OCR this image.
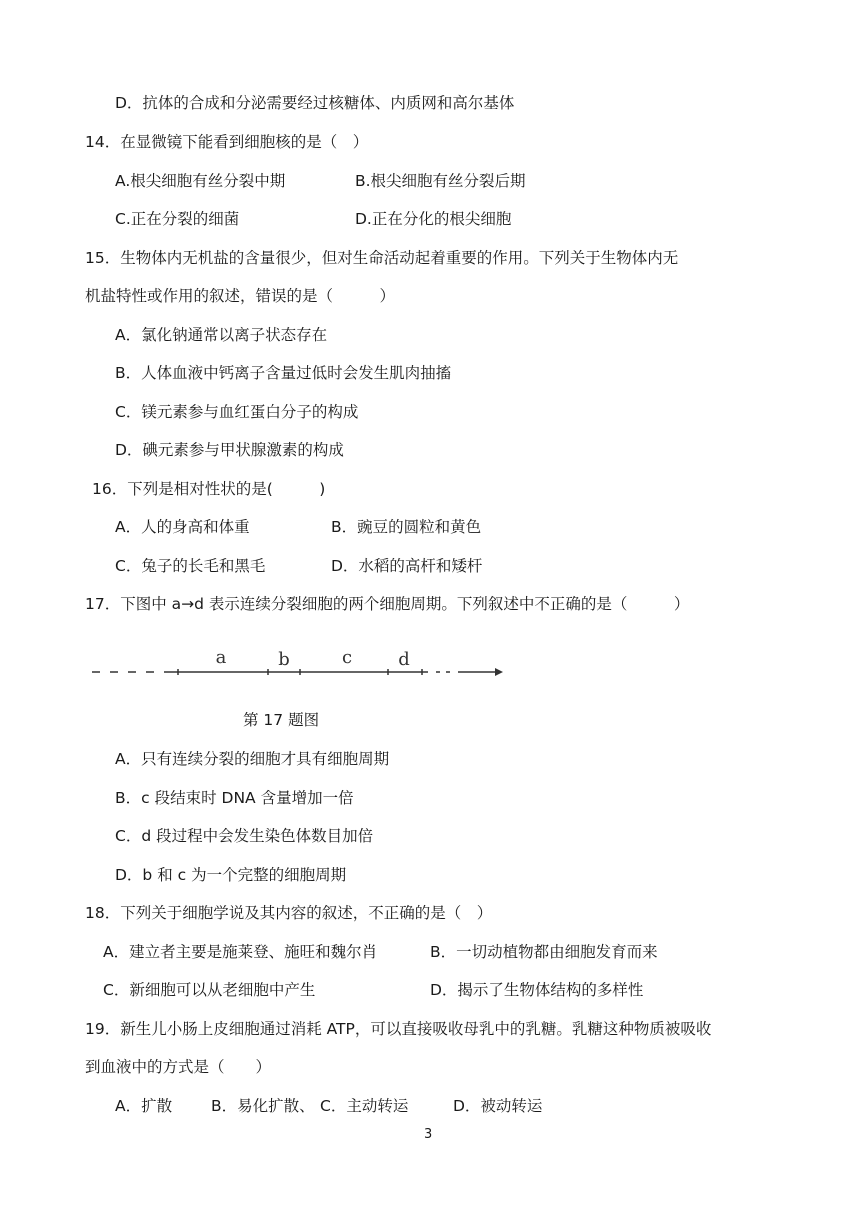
D．抗体的合成和分泌需要经过核糖体、内质网和高尔基体
14．在显微镜下能看到细胞核的是（　）
A.根尖细胞有丝分裂中期	B.根尖细胞有丝分裂后期
C.正在分裂的细菌	D.正在分化的根尖细胞
15．生物体内无机盐的含量很少，但对生命活动起着重要的作用。下列关于生物体内无
机盐特性或作用的叙述，错误的是（　　　）
A．氯化钠通常以离子状态存在
B．人体血液中钙离子含量过低时会发生肌肉抽搐
C．镁元素参与血红蛋白分子的构成
D．碘元素参与甲状腺激素的构成
16．下列是相对性状的是(　　　)
A．人的身高和体重	B．豌豆的圆粒和黄色
C．兔子的长毛和黑毛	D．水稻的高杆和矮杆
17．下图中 a→d 表示连续分裂细胞的两个细胞周期。下列叙述中不正确的是（　　　）
a	b	c	d
第 17 题图
A．只有连续分裂的细胞才具有细胞周期
B．c 段结束时 DNA 含量增加一倍
C．d 段过程中会发生染色体数目加倍
D．b 和 c 为一个完整的细胞周期
18．下列关于细胞学说及其内容的叙述，不正确的是（　）
A．建立者主要是施莱登、施旺和魏尔肖	B．一切动植物都由细胞发育而来
C．新细胞可以从老细胞中产生	D．揭示了生物体结构的多样性
19．新生儿小肠上皮细胞通过消耗 ATP，可以直接吸收母乳中的乳糖。乳糖这种物质被吸收
到血液中的方式是（　　）
A．扩散	B．易化扩散、 C．主动转运	D．被动转运
3
